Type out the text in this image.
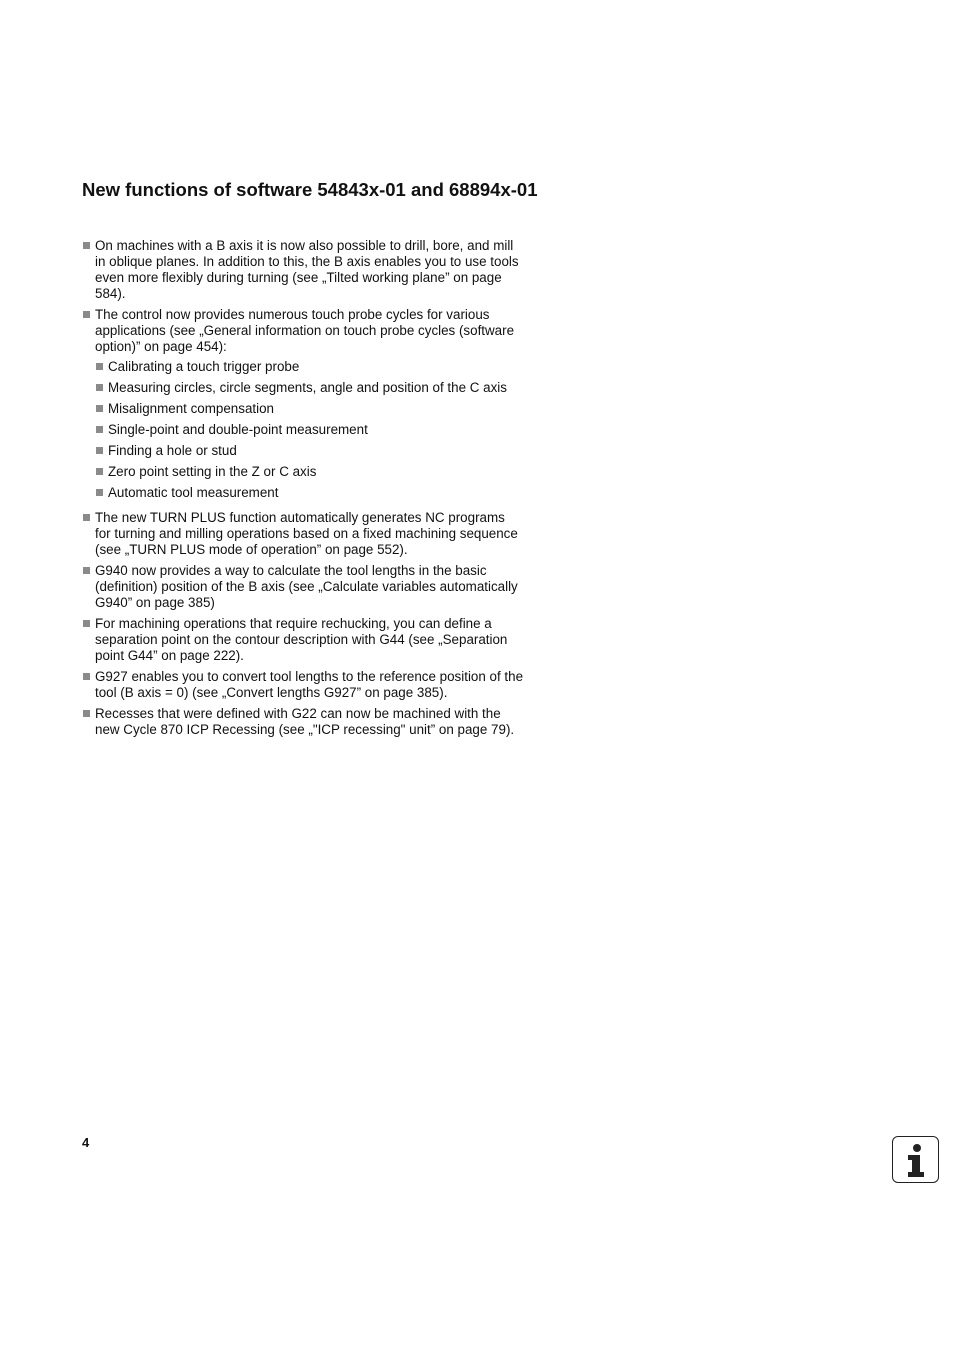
New functions of software 54843x-01 and 68894x-01
On machines with a B axis it is now also possible to drill, bore, and mill in oblique planes. In addition to this, the B axis enables you to use tools even more flexibly during turning (see „Tilted working plane” on page 584).
The control now provides numerous touch probe cycles for various applications (see „General information on touch probe cycles (software option)” on page 454):
Calibrating a touch trigger probe
Measuring circles, circle segments, angle and position of the C axis
Misalignment compensation
Single-point and double-point measurement
Finding a hole or stud
Zero point setting in the Z or C axis
Automatic tool measurement
The new TURN PLUS function automatically generates NC programs for turning and milling operations based on a fixed machining sequence (see „TURN PLUS mode of operation” on page 552).
G940 now provides a way to calculate the tool lengths in the basic (definition) position of the B axis (see „Calculate variables automatically G940” on page 385)
For machining operations that require rechucking, you can define a separation point on the contour description with G44 (see „Separation point G44” on page 222).
G927 enables you to convert tool lengths to the reference position of the tool (B axis = 0) (see „Convert lengths G927” on page 385).
Recesses that were defined with G22 can now be machined with the new Cycle 870 ICP Recessing (see „"ICP recessing" unit” on page 79).
4
